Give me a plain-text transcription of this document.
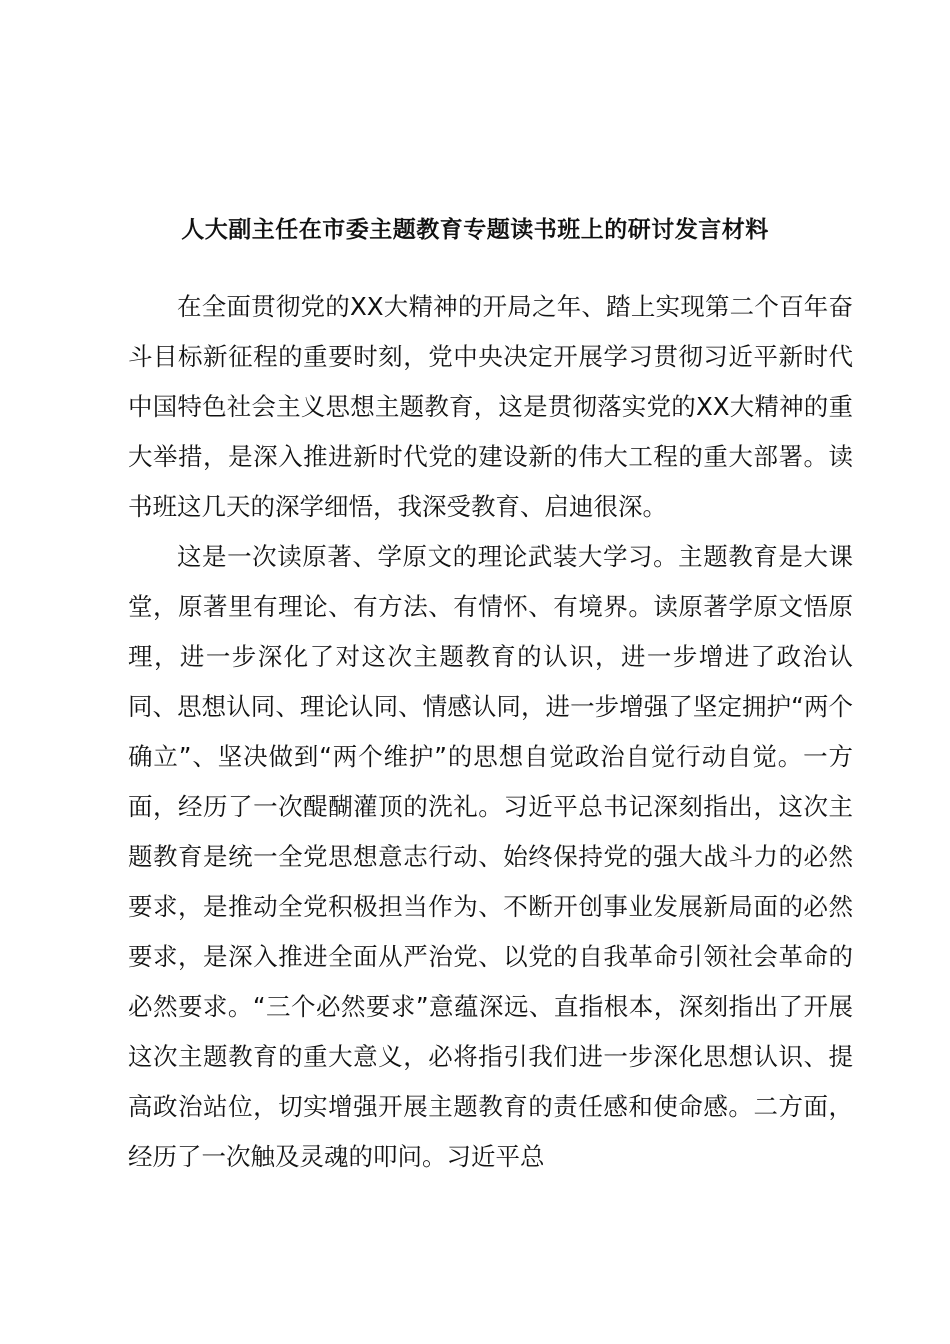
人大副主任在市委主题教育专题读书班上的研讨发言材料

在全面贯彻党的XX大精神的开局之年、踏上实现第二个百年奋斗目标新征程的重要时刻，党中央决定开展学习贯彻习近平新时代中国特色社会主义思想主题教育，这是贯彻落实党的XX大精神的重大举措，是深入推进新时代党的建设新的伟大工程的重大部署。读书班这几天的深学细悟，我深受教育、启迪很深。

这是一次读原著、学原文的理论武装大学习。主题教育是大课堂，原著里有理论、有方法、有情怀、有境界。读原著学原文悟原理，进一步深化了对这次主题教育的认识，进一步增进了政治认同、思想认同、理论认同、情感认同，进一步增强了坚定拥护“两个确立”、坚决做到“两个维护”的思想自觉政治自觉行动自觉。一方面，经历了一次醍醐灌顶的洗礼。习近平总书记深刻指出，这次主题教育是统一全党思想意志行动、始终保持党的强大战斗力的必然要求，是推动全党积极担当作为、不断开创事业发展新局面的必然要求，是深入推进全面从严治党、以党的自我革命引领社会革命的必然要求。“三个必然要求”意蕴深远、直指根本，深刻指出了开展这次主题教育的重大意义，必将指引我们进一步深化思想认识、提高政治站位，切实增强开展主题教育的责任感和使命感。二方面，经历了一次触及灵魂的叩问。习近平总
